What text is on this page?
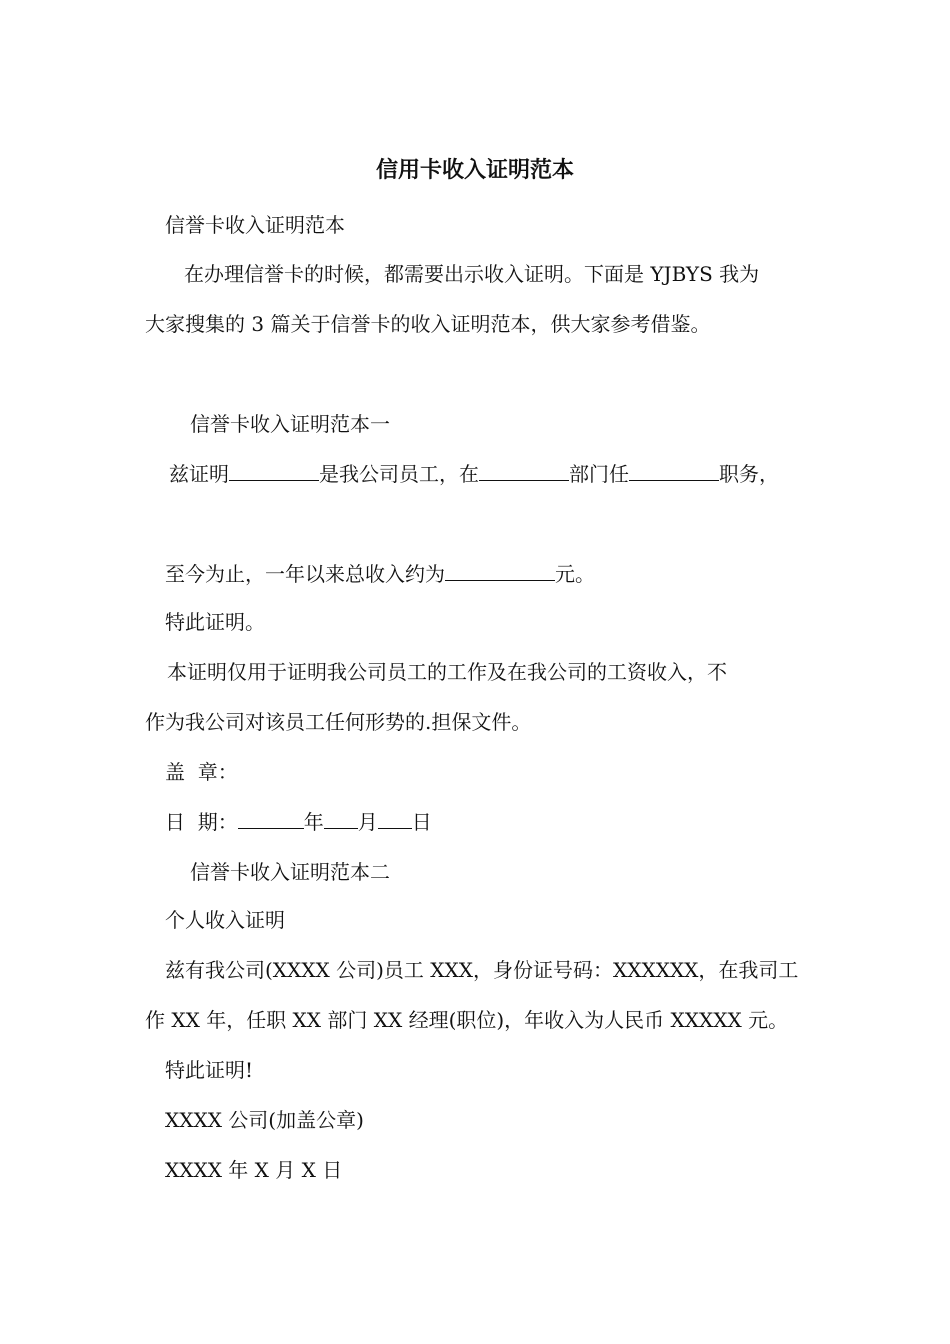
信用卡收入证明范本
信誉卡收入证明范本
在办理信誉卡的时候，都需要出示收入证明。下面是 YJBYS 我为
大家搜集的 3 篇关于信誉卡的收入证明范本，供大家参考借鉴。
信誉卡收入证明范本一
兹证明	是我公司员工，在	部门任	职务，
至今为止，一年以来总收入约为	元。
特此证明。
本证明仅用于证明我公司员工的工作及在我公司的工资收入，不
作为我公司对该员工任何形势的.担保文件。
盖  章：
日  期：	年 月 日
信誉卡收入证明范本二
个人收入证明
兹有我公司(XXXX 公司)员工 XXX，身份证号码：XXXXXX，在我司工
作 XX 年，任职 XX 部门 XX 经理(职位)，年收入为人民币 XXXXX 元。
特此证明!
XXXX 公司(加盖公章)
XXXX 年 X 月 X 日
